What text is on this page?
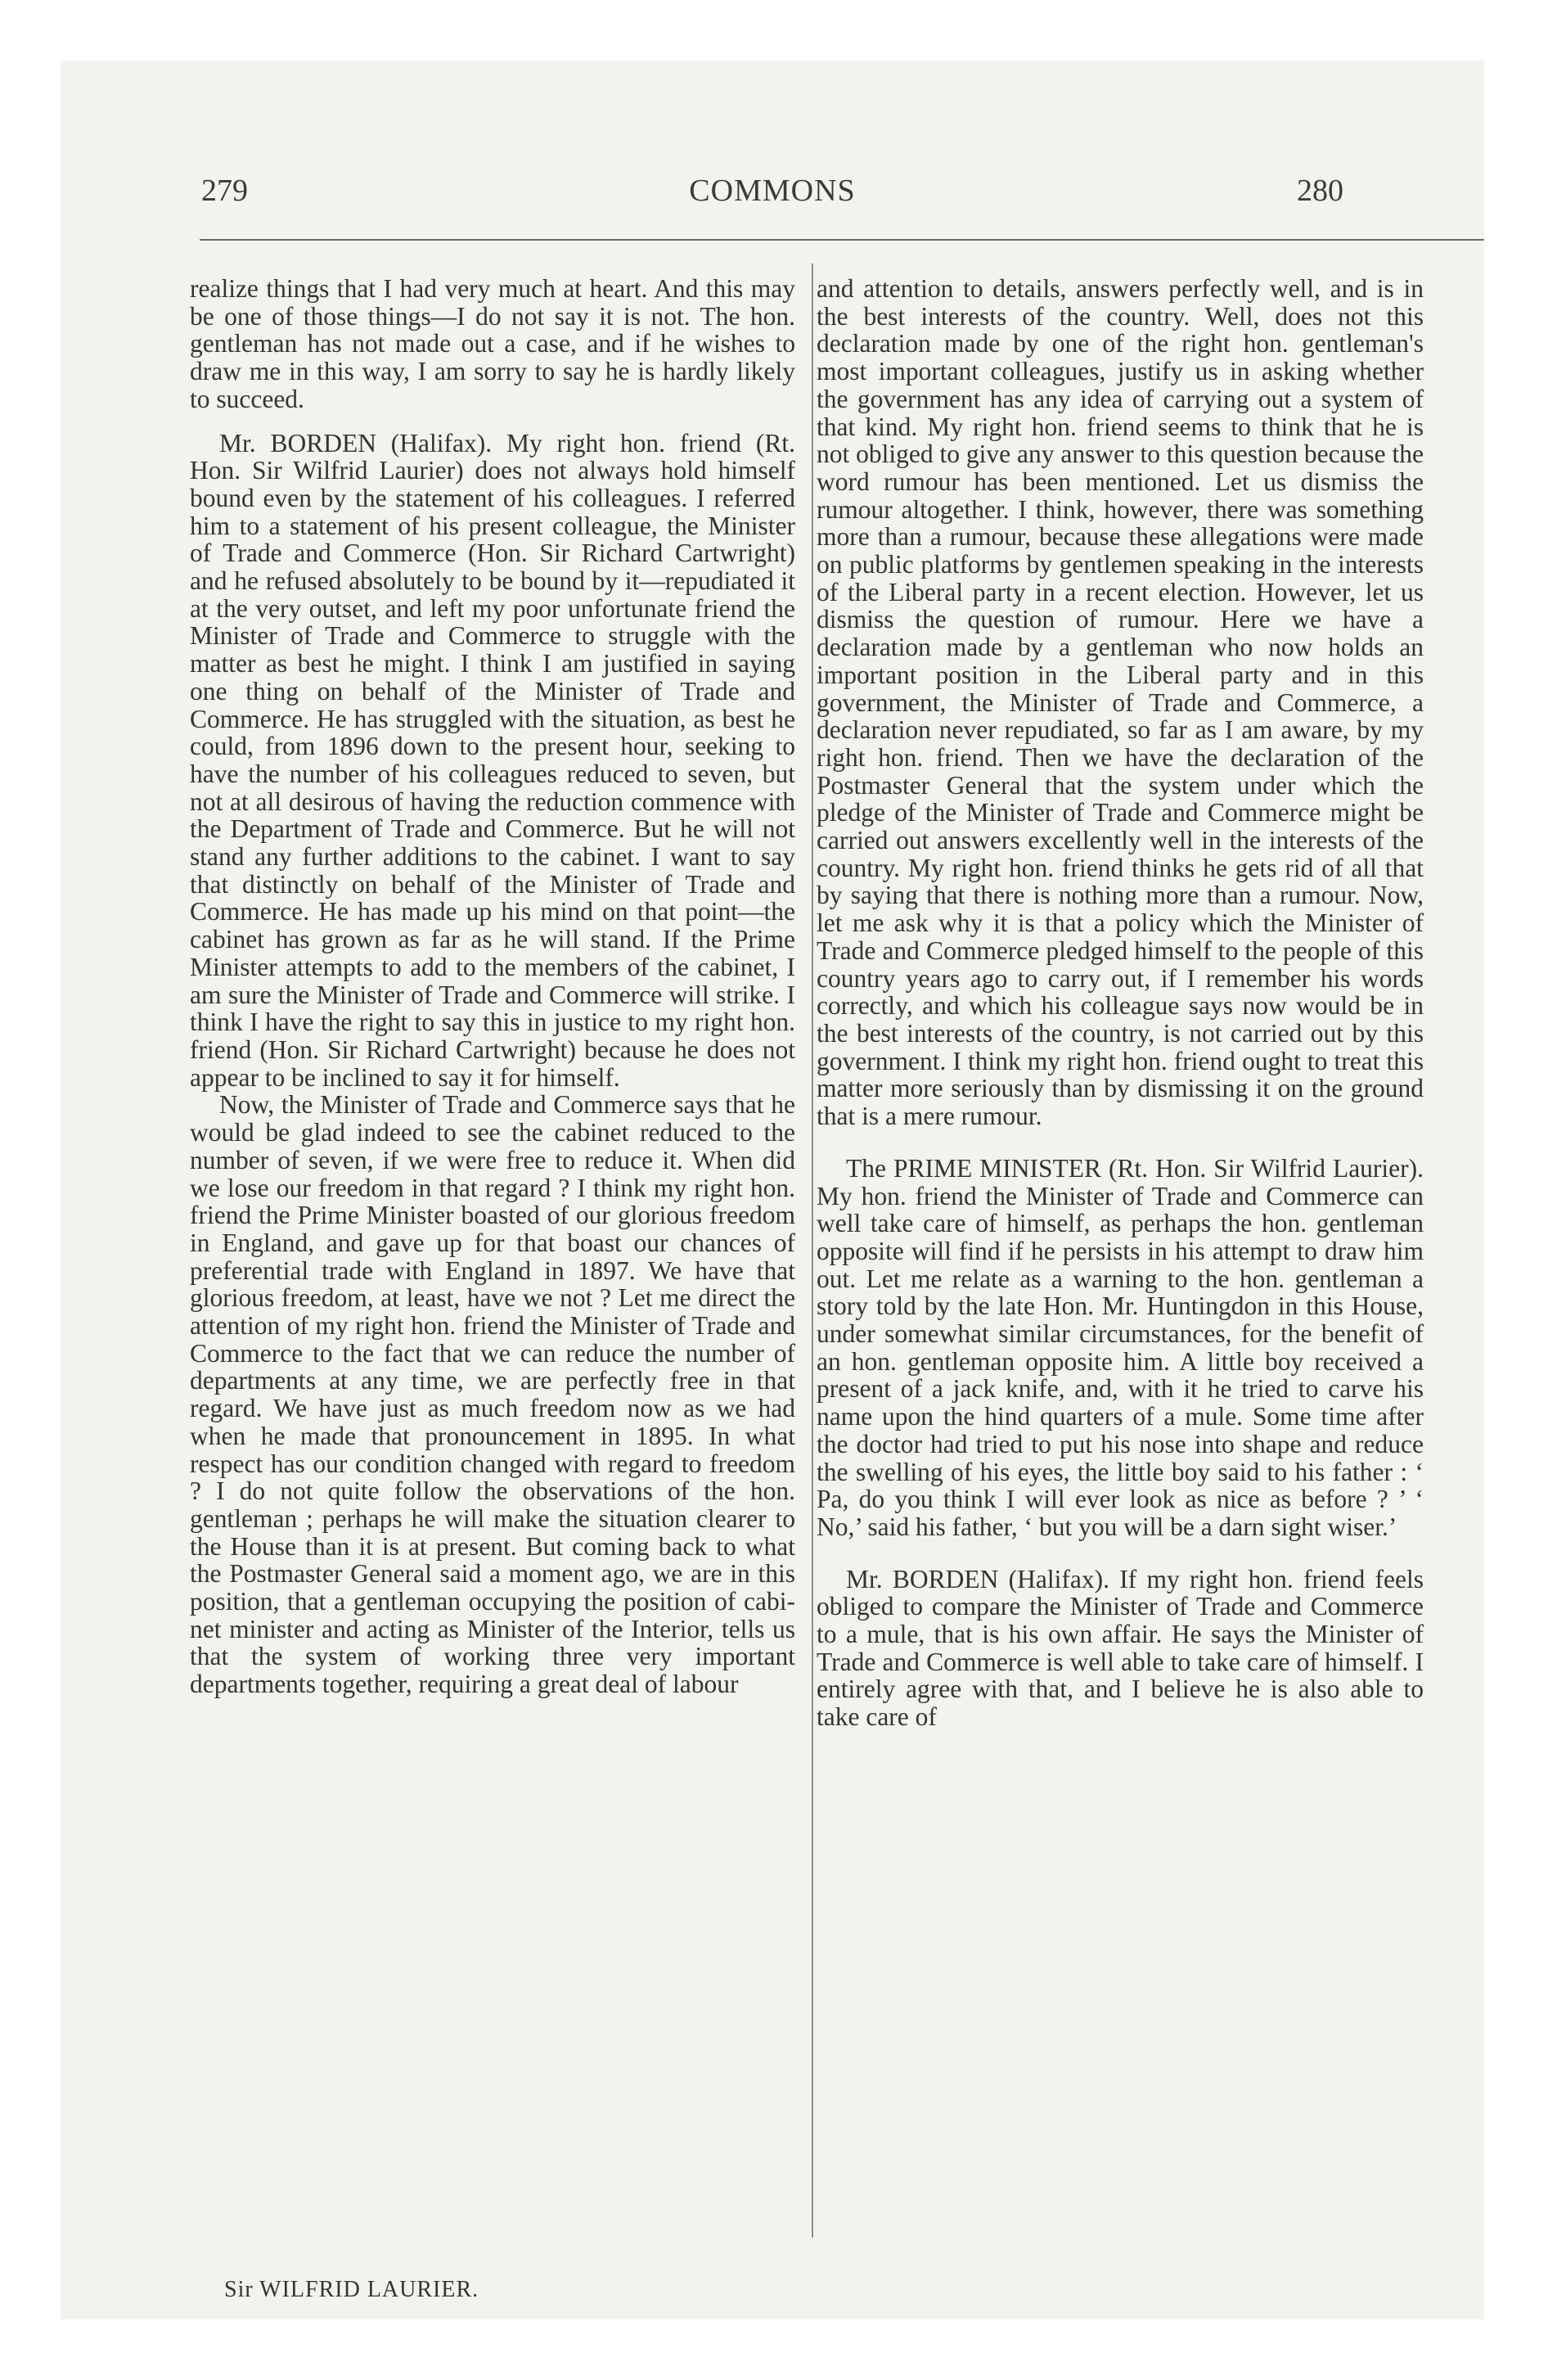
279	COMMONS	280

realize things that I had very much at heart. And this may be one of those things—I do not say it is not. The hon. gentleman has not made out a case, and if he wishes to draw me in this way, I am sorry to say he is hardly likely to succeed.

Mr. BORDEN (Halifax). My right hon. friend (Rt. Hon. Sir Wilfrid Laurier) does not always hold himself bound even by the statement of his colleagues. I referred him to a statement of his present colleague, the Minister of Trade and Commerce (Hon. Sir Richard Cartwright) and he refused absolutely to be bound by it—repudiated it at the very outset, and left my poor unfortunate friend the Minister of Trade and Commerce to struggle with the matter as best he might. I think I am justified in saying one thing on behalf of the Minister of Trade and Commerce. He has struggled with the situation, as best he could, from 1896 down to the present hour, seeking to have the number of his colleagues reduced to seven, but not at all desirous of having the reduction commence with the Department of Trade and Commerce. But he will not stand any further additions to the cabinet. I want to say that distinctly on behalf of the Minister of Trade and Commerce. He has made up his mind on that point—the cabinet has grown as far as he will stand. If the Prime Minister attempts to add to the members of the cabinet, I am sure the Minister of Trade and Commerce will strike. I think I have the right to say this in justice to my right hon. friend (Hon. Sir Richard Cartwright) because he does not appear to be inclined to say it for himself.

Now, the Minister of Trade and Commerce says that he would be glad indeed to see the cabinet reduced to the number of seven, if we were free to reduce it. When did we lose our freedom in that regard ? I think my right hon. friend the Prime Minister boasted of our glorious freedom in England, and gave up for that boast our chances of preferential trade with England in 1897. We have that glorious freedom, at least, have we not ? Let me direct the attention of my right hon. friend the Minister of Trade and Commerce to the fact that we can reduce the number of departments at any time, we are perfectly free in that regard. We have just as much freedom now as we had when he made that pronouncement in 1895. In what respect has our condition changed with regard to freedom ? I do not quite follow the observations of the hon. gentleman ; perhaps he will make the situation clearer to the House than it is at present. But coming back to what the Postmaster General said a moment ago, we are in this position, that a gentleman occupying the position of cabinet minister and acting as Minister of the Interior, tells us that the system of working three very important departments together, requiring a great deal of labour

and attention to details, answers perfectly well, and is in the best interests of the country. Well, does not this declaration made by one of the right hon. gentleman's most important colleagues, justify us in asking whether the government has any idea of carrying out a system of that kind. My right hon. friend seems to think that he is not obliged to give any answer to this question because the word rumour has been mentioned. Let us dismiss the rumour altogether. I think, however, there was something more than a rumour, because these allegations were made on public platforms by gentlemen speaking in the interests of the Liberal party in a recent election. However, let us dismiss the question of rumour. Here we have a declaration made by a gentleman who now holds an important position in the Liberal party and in this government, the Minister of Trade and Commerce, a declaration never repudiated, so far as I am aware, by my right hon. friend. Then we have the declaration of the Postmaster General that the system under which the pledge of the Minister of Trade and Commerce might be carried out answers excellently well in the interests of the country. My right hon. friend thinks he gets rid of all that by saying that there is nothing more than a rumour. Now, let me ask why it is that a policy which the Minister of Trade and Commerce pledged himself to the people of this country years ago to carry out, if I remember his words correctly, and which his colleague says now would be in the best interests of the country, is not carried out by this government. I think my right hon. friend ought to treat this matter more seriously than by dismissing it on the ground that is a mere rumour.

The PRIME MINISTER (Rt. Hon. Sir Wilfrid Laurier). My hon. friend the Minister of Trade and Commerce can well take care of himself, as perhaps the hon. gentleman opposite will find if he persists in his attempt to draw him out. Let me relate as a warning to the hon. gentleman a story told by the late Hon. Mr. Huntingdon in this House, under somewhat similar circumstances, for the benefit of an hon. gentleman opposite him. A little boy received a present of a jack knife, and, with it he tried to carve his name upon the hind quarters of a mule. Some time after the doctor had tried to put his nose into shape and reduce the swelling of his eyes, the little boy said to his father : ‘ Pa, do you think I will ever look as nice as before ? ’ ‘ No,’ said his father, ‘ but you will be a darn sight wiser.’

Mr. BORDEN (Halifax). If my right hon. friend feels obliged to compare the Minister of Trade and Commerce to a mule, that is his own affair. He says the Minister of Trade and Commerce is well able to take care of himself. I entirely agree with that, and I believe he is also able to take care of

Sir WILFRID LAURIER.
